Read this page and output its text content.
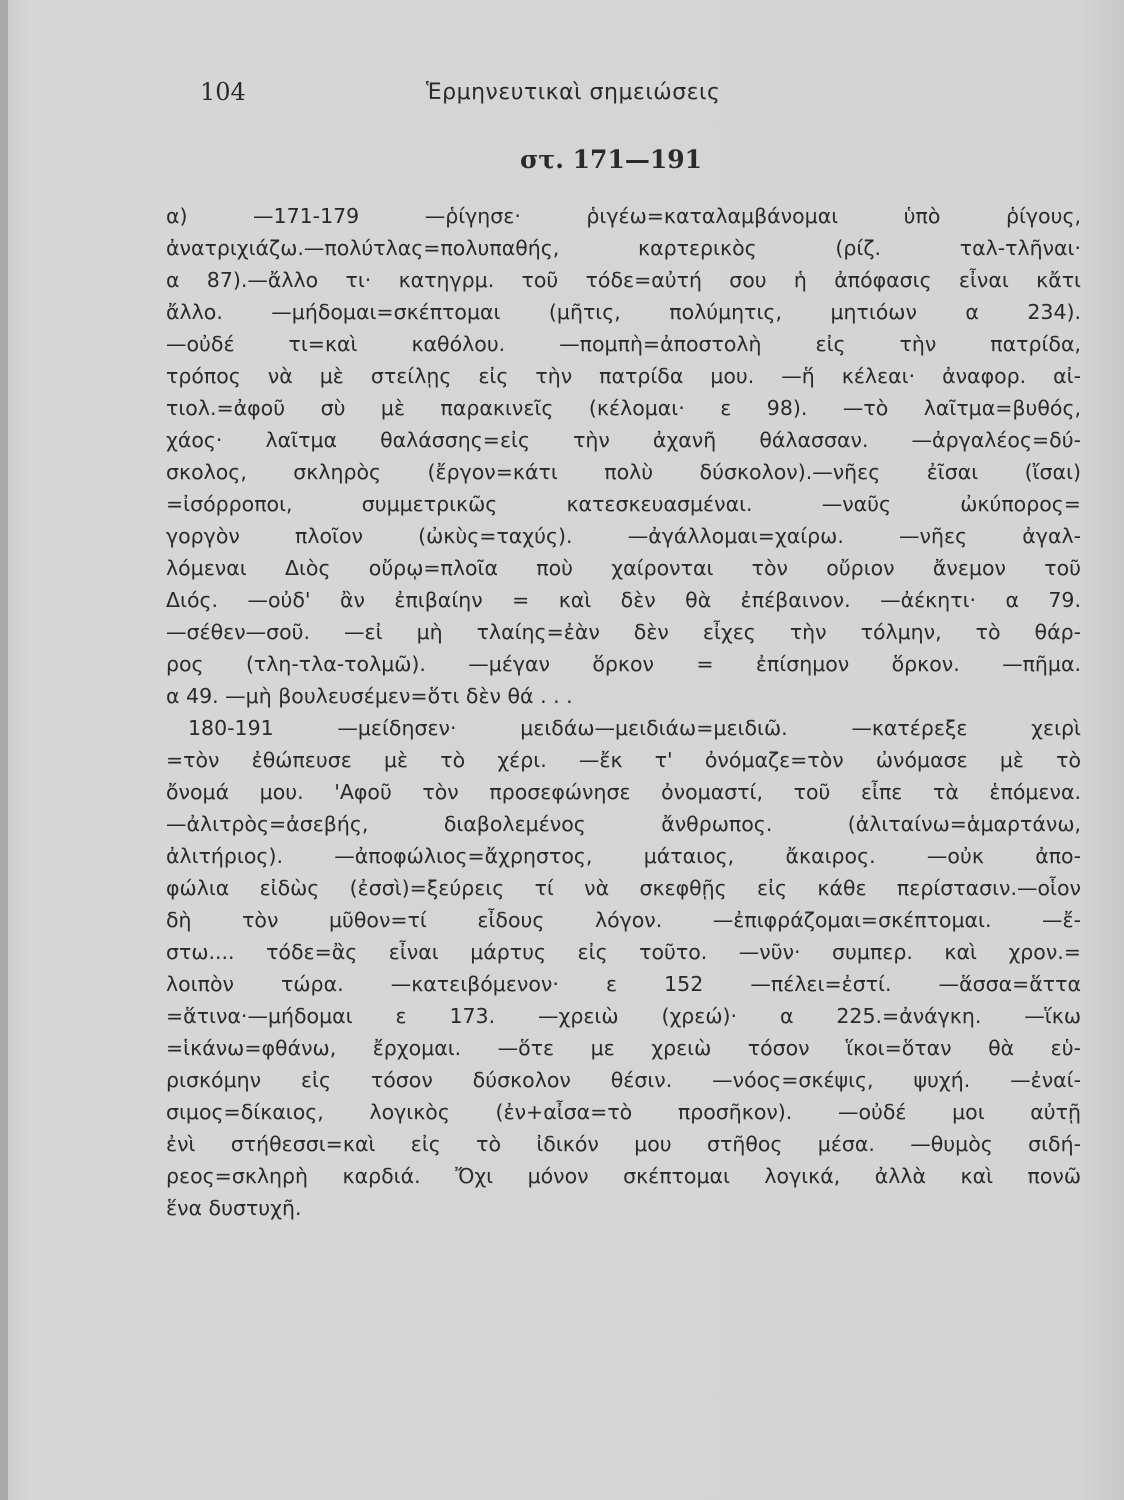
104	Ἑρμηνευτικαὶ σημειώσεις
στ. 171—191
α) —171-179 —ῥίγησε· ῥιγέω=καταλαμβάνομαι ὑπὸ ῥίγους,
ἀνατριχιάζω.—πολύτλας=πολυπαθής, καρτερικὸς (ρίζ. ταλ-τλῆναι·
α 87).—ἄλλο τι· κατηγρμ. τοῦ τόδε=αὐτή σου ἡ ἀπόφασις εἶναι κἄτι
ἄλλο. —μήδομαι=σκέπτομαι (μῆτις, πολύμητις, μητιόων α 234).
—οὐδέ τι=καὶ καθόλου. —πομπὴ=ἀποστολὴ εἰς τὴν πατρίδα,
τρόπος νὰ μὲ στείλῃς εἰς τὴν πατρίδα μου. —ἥ κέλεαι· ἀναφορ. αἰ-
τιολ.=ἀφοῦ σὺ μὲ παρακινεῖς (κέλομαι· ε 98). —τὸ λαῖτμα=βυθός,
χάος· λαῖτμα θαλάσσης=εἰς τὴν ἀχανῆ θάλασσαν. —ἀργαλέος=δύ-
σκολος, σκληρὸς (ἔργον=κάτι πολὺ δύσκολον).—νῆες ἐῖσαι (ἴσαι)
=ἰσόρροποι, συμμετρικῶς κατεσκευασμέναι. —ναῦς ὠκύπορος=
γοργὸν πλοῖον (ὠκὺς=ταχύς). —ἀγάλλομαι=χαίρω. —νῆες ἀγαλ-
λόμεναι Διὸς οὔρῳ=πλοῖα ποὺ χαίρονται τὸν οὔριον ἄνεμον τοῦ
Διός. —οὐδ' ἂν ἐπιβαίην = καὶ δὲν θὰ ἐπέβαινον. —ἀέκητι· α 79.
—σέθεν—σοῦ. —εἰ μὴ τλαίης=ἐὰν δὲν εἶχες τὴν τόλμην, τὸ θάρ-
ρος (τλη-τλα-τολμῶ). —μέγαν ὅρκον = ἐπίσημον ὅρκον. —πῆμα.
α 49. —μὴ βουλευσέμεν=ὅτι δὲν θά . . .
180-191 —μείδησεν· μειδάω—μειδιάω=μειδιῶ. —κατέρεξε χειρὶ
=τὸν ἐθώπευσε μὲ τὸ χέρι. —ἔκ τ' ὀνόμαζε=τὸν ὠνόμασε μὲ τὸ
ὄνομά μου. 'Αφοῦ τὸν προσεφώνησε ὀνομαστί, τοῦ εἶπε τὰ ἑπόμενα.
—ἀλιτρὸς=ἀσεβής, διαβολεμένος ἄνθρωπος. (ἀλιταίνω=ἁμαρτάνω,
ἀλιτήριος). —ἀποφώλιος=ἄχρηστος, μάταιος, ἄκαιρος. —οὐκ ἀπο-
φώλια εἰδὼς (ἐσσὶ)=ξεύρεις τί νὰ σκεφθῇς εἰς κάθε περίστασιν.—οἷον
δὴ τὸν μῦθον=τί εἶδους λόγον. —ἐπιφράζομαι=σκέπτομαι. —ἔ-
στω.... τόδε=ἂς εἶναι μάρτυς εἰς τοῦτο. —νῦν· συμπερ. καὶ χρον.=
λοιπὸν τώρα. —κατειβόμενον· ε 152 —πέλει=ἐστί. —ἅσσα=ἅττα
=ἅτινα·—μήδομαι ε 173. —χρειὼ (χρεώ)· α 225.=ἀνάγκη. —ἵκω
=ἱκάνω=φθάνω, ἔρχομαι. —ὅτε με χρειὼ τόσον ἵκοι=ὅταν θὰ εὑ-
ρισκόμην εἰς τόσον δύσκολον θέσιν. —νόος=σκέψις, ψυχή. —ἐναί-
σιμος=δίκαιος, λογικὸς (ἐν+αἶσα=τὸ προσῆκον). —οὐδέ μοι αὐτῇ
ἐνὶ στήθεσσι=καὶ εἰς τὸ ἰδικόν μου στῆθος μέσα. —θυμὸς σιδή-
ρεος=σκληρὴ καρδιά. Ὄχι μόνον σκέπτομαι λογικά, ἀλλὰ καὶ πονῶ
ἕνα δυστυχῆ.
